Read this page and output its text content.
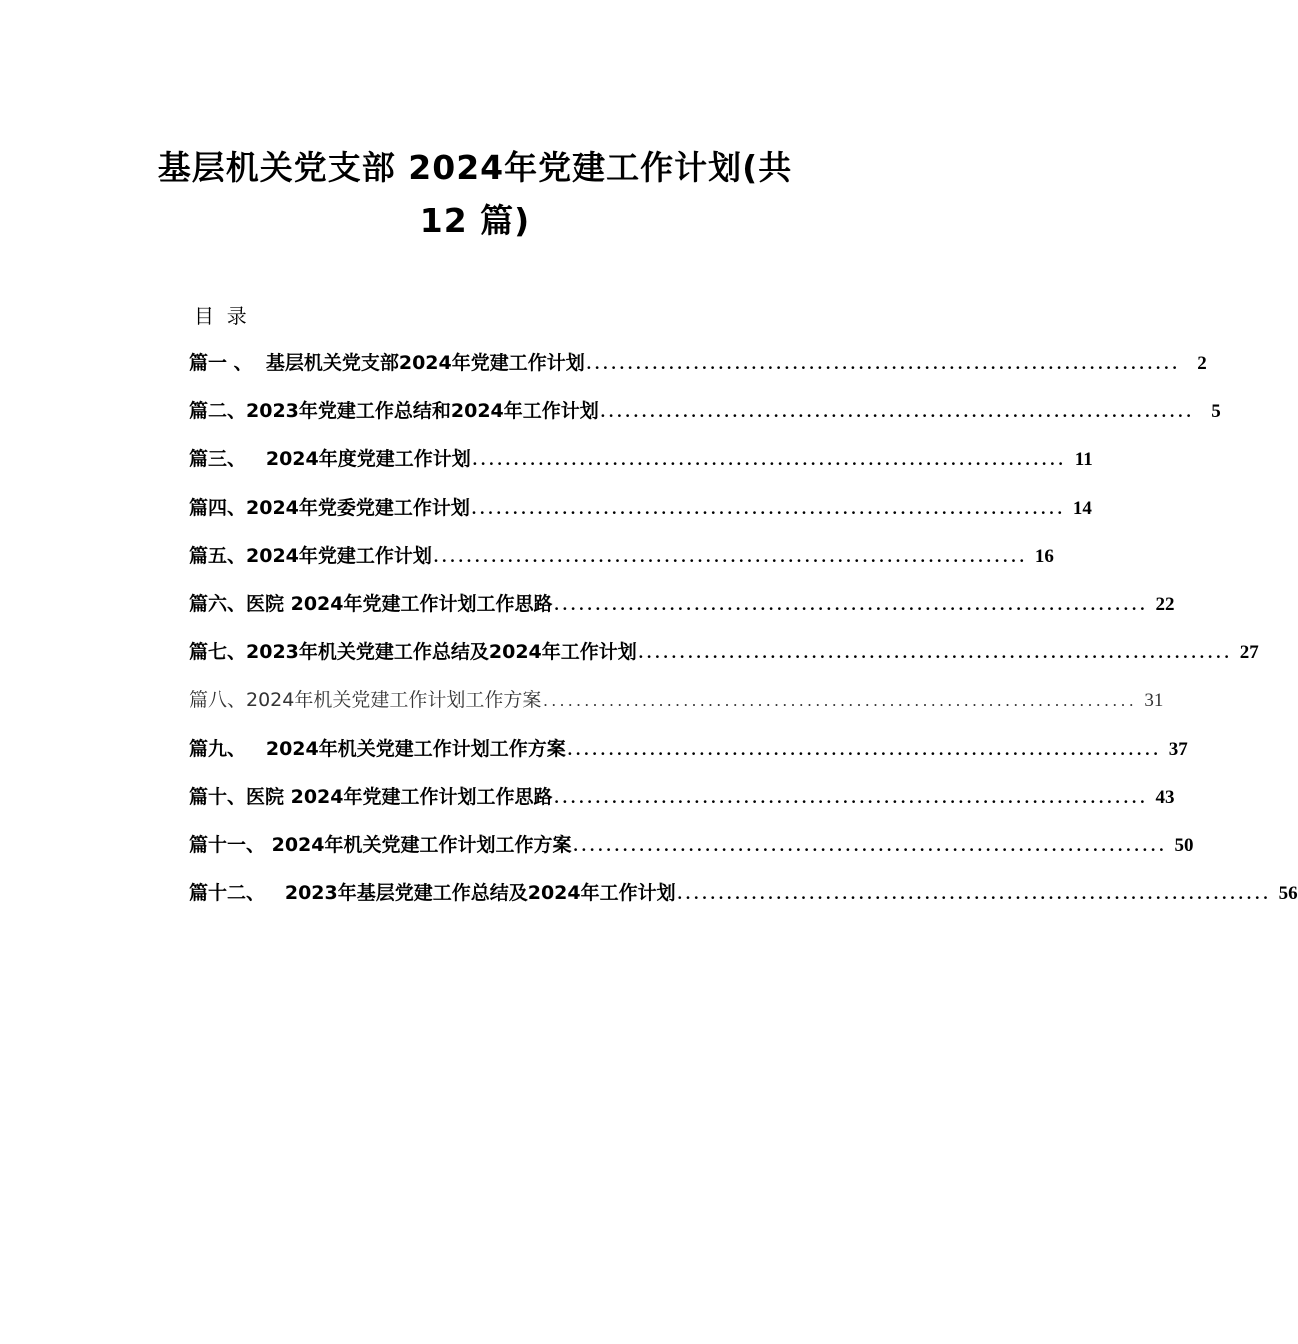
基层机关党支部 2024年党建工作计划(共
12 篇)
目  录
篇一 、  基层机关党支部2024年党建工作计划 ........................................................................ 2
篇二、2023年党建工作总结和2024年工作计划 ........................................................................ 5
篇三、   2024年度党建工作计划 ........................................................................ 11
篇四、2024年党委党建工作计划 ........................................................................ 14
篇五、2024年党建工作计划 ........................................................................ 16
篇六、医院 2024年党建工作计划工作思路 ........................................................................ 22
篇七、2023年机关党建工作总结及2024年工作计划 ........................................................................ 27
篇八、2024年机关党建工作计划工作方案 ........................................................................ 31
篇九、   2024年机关党建工作计划工作方案 ........................................................................ 37
篇十、医院 2024年党建工作计划工作思路 ........................................................................ 43
篇十一、 2024年机关党建工作计划工作方案 ........................................................................ 50
篇十二、   2023年基层党建工作总结及2024年工作计划 ........................................................................ 56
